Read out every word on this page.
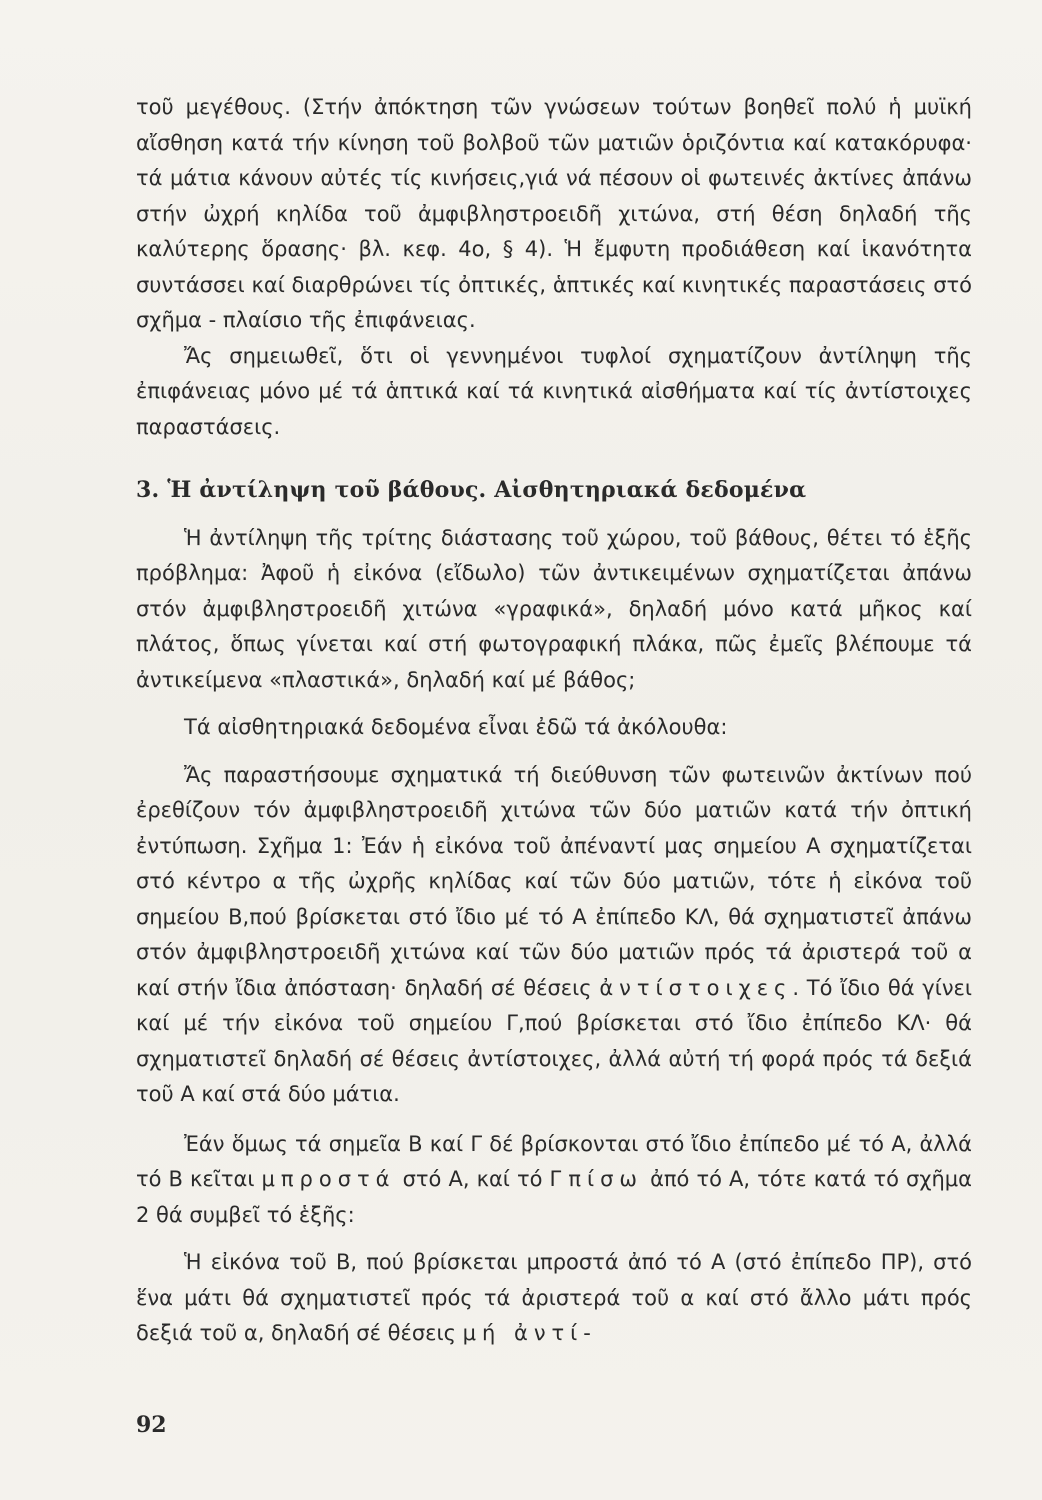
τοῦ μεγέθους. (Στήν ἀπόκτηση τῶν γνώσεων τούτων βοηθεῖ πολύ ἡ μυϊκή αἴσθηση κατά τήν κίνηση τοῦ βολβοῦ τῶν ματιῶν ὁριζόντια καί κατακόρυφα· τά μάτια κάνουν αὐτές τίς κινήσεις,γιά νά πέσουν οἱ φωτεινές ἀκτίνες ἀπάνω στήν ὠχρή κηλίδα τοῦ ἀμφιβληστροειδῆ χιτώνα, στή θέση δηλαδή τῆς καλύτερης ὅρασης· βλ. κεφ. 4ο, § 4). Ἡ ἔμφυτη προδιάθεση καί ἱκανότητα συντάσσει καί διαρθρώνει τίς ὀπτικές, ἁπτικές καί κινητικές παραστάσεις στό σχῆμα - πλαίσιο τῆς ἐπιφάνειας.

Ἄς σημειωθεῖ, ὅτι οἱ γεννημένοι τυφλοί σχηματίζουν ἀντίληψη τῆς ἐπιφάνειας μόνο μέ τά ἁπτικά καί τά κινητικά αἰσθήματα καί τίς ἀντίστοιχες παραστάσεις.

3. Ἡ ἀντίληψη τοῦ βάθους. Αἰσθητηριακά δεδομένα

Ἡ ἀντίληψη τῆς τρίτης διάστασης τοῦ χώρου, τοῦ βάθους, θέτει τό ἑξῆς πρόβλημα: Ἀφοῦ ἡ εἰκόνα (εἴδωλο) τῶν ἀντικειμένων σχηματίζεται ἀπάνω στόν ἀμφιβληστροειδῆ χιτώνα «γραφικά», δηλαδή μόνο κατά μῆκος καί πλάτος, ὅπως γίνεται καί στή φωτογραφική πλάκα, πῶς ἐμεῖς βλέπουμε τά ἀντικείμενα «πλαστικά», δηλαδή καί μέ βάθος;

Τά αἰσθητηριακά δεδομένα εἶναι ἐδῶ τά ἀκόλουθα:

Ἄς παραστήσουμε σχηματικά τή διεύθυνση τῶν φωτεινῶν ἀκτίνων πού ἐρεθίζουν τόν ἀμφιβληστροειδῆ χιτώνα τῶν δύο ματιῶν κατά τήν ὀπτική ἐντύπωση. Σχῆμα 1: Ἐάν ἡ εἰκόνα τοῦ ἀπέναντί μας σημείου Α σχηματίζεται στό κέντρο α τῆς ὠχρῆς κηλίδας καί τῶν δύο ματιῶν, τότε ἡ εἰκόνα τοῦ σημείου Β,πού βρίσκεται στό ἴδιο μέ τό Α ἐπίπεδο ΚΛ, θά σχηματιστεῖ ἀπάνω στόν ἀμφιβληστροειδῆ χιτώνα καί τῶν δύο ματιῶν πρός τά ἀριστερά τοῦ α καί στήν ἴδια ἀπόσταση· δηλαδή σέ θέσεις ἀντίστοιχες. Τό ἴδιο θά γίνει καί μέ τήν εἰκόνα τοῦ σημείου Γ,πού βρίσκεται στό ἴδιο ἐπίπεδο ΚΛ· θά σχηματιστεῖ δηλαδή σέ θέσεις ἀντίστοιχες, ἀλλά αὐτή τή φορά πρός τά δεξιά τοῦ Α καί στά δύο μάτια.

Ἐάν ὅμως τά σημεῖα Β καί Γ δέ βρίσκονται στό ἴδιο ἐπίπεδο μέ τό Α, ἀλλά τό Β κεῖται μπροστά στό Α, καί τό Γ πίσω ἀπό τό Α, τότε κατά τό σχῆμα 2 θά συμβεῖ τό ἑξῆς:

Ἡ εἰκόνα τοῦ Β, πού βρίσκεται μπροστά ἀπό τό Α (στό ἐπίπεδο ΠΡ), στό ἕνα μάτι θά σχηματιστεῖ πρός τά ἀριστερά τοῦ α καί στό ἄλλο μάτι πρός δεξιά τοῦ α, δηλαδή σέ θέσεις μή ἀντί-

92
